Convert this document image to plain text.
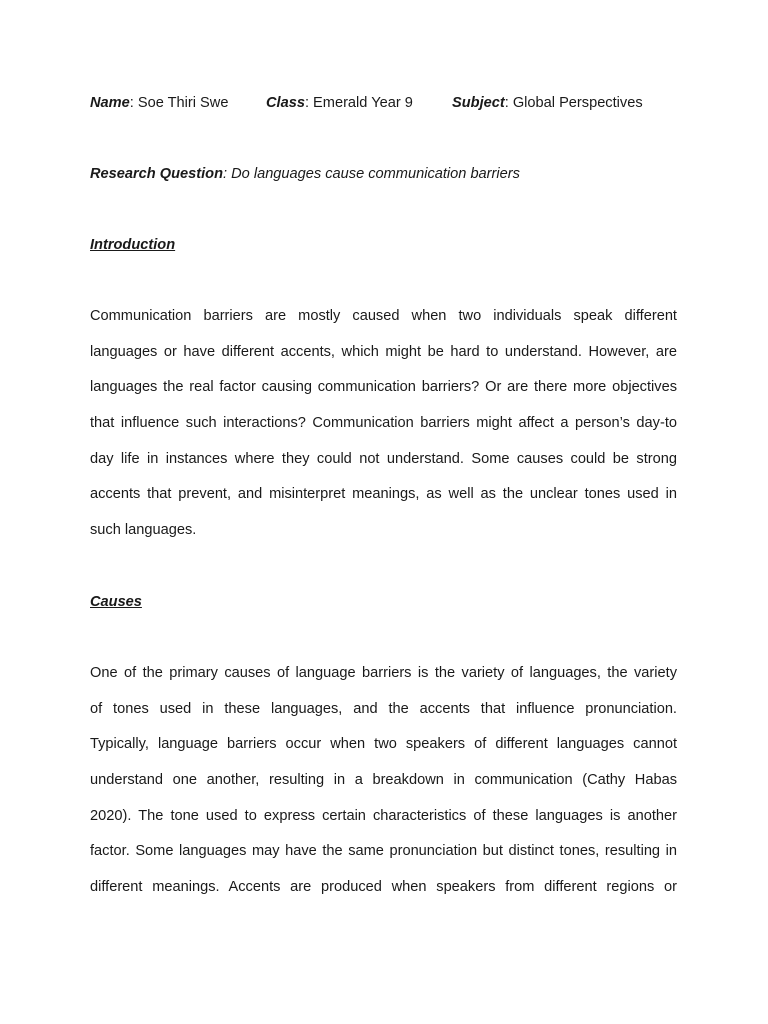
Name: Soe Thiri Swe	Class: Emerald Year 9	Subject: Global Perspectives
Research Question: Do languages cause communication barriers
Introduction
Communication barriers are mostly caused when two individuals speak different
languages or have different accents, which might be hard to understand. However, are
languages the real factor causing communication barriers? Or are there more objectives
that influence such interactions? Communication barriers might affect a person’s day-to
day life in instances where they could not understand. Some causes could be strong
accents that prevent, and misinterpret meanings, as well as the unclear tones used in
such languages.
Causes
One of the primary causes of language barriers is the variety of languages, the variety
of tones used in these languages, and the accents that influence pronunciation.
Typically, language barriers occur when two speakers of different languages cannot
understand one another, resulting in a breakdown in communication (Cathy Habas
2020). The tone used to express certain characteristics of these languages is another
factor. Some languages may have the same pronunciation but distinct tones, resulting in
different meanings. Accents are produced when speakers from different regions or
